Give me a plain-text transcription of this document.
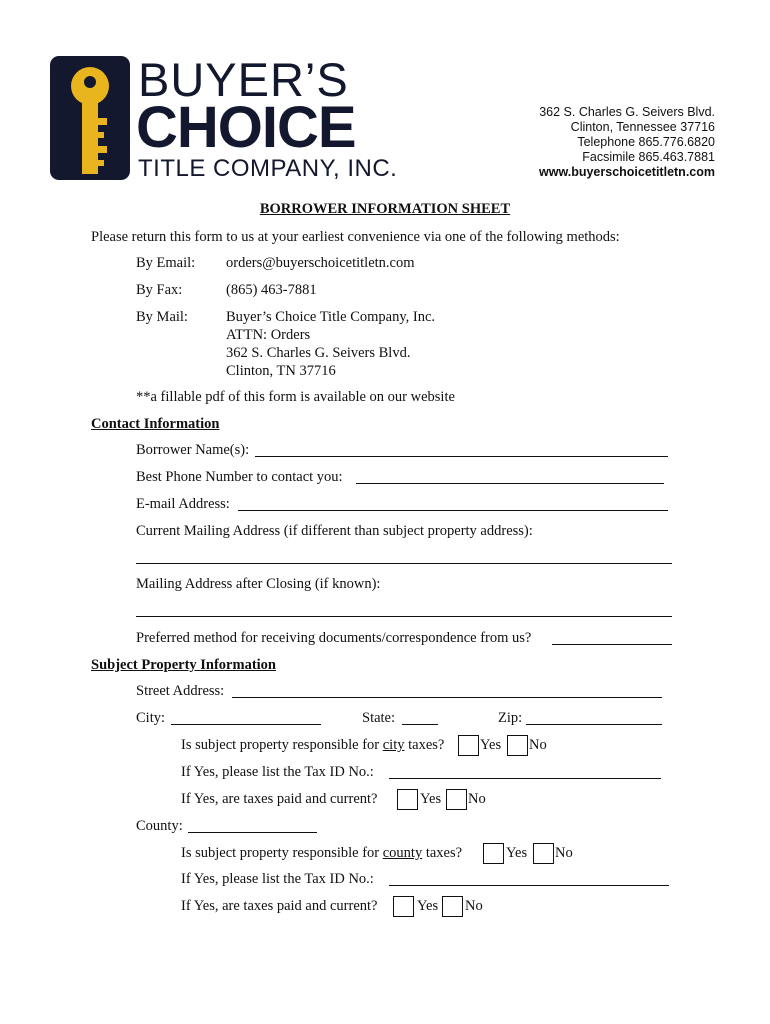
BUYER’S
CHOICE
TITLE COMPANY, INC.
362 S. Charles G. Seivers Blvd.
Clinton, Tennessee 37716
Telephone 865.776.6820
Facsimile 865.463.7881
www.buyerschoicetitletn.com
BORROWER INFORMATION SHEET
Please return this form to us at your earliest convenience via one of the following methods:
By Email: orders@buyerschoicetitletn.com
By Fax:	(865) 463-7881
By Mail:	Buyer’s Choice Title Company, Inc.
ATTN: Orders
362 S. Charles G. Seivers Blvd.
Clinton, TN 37716
**a fillable pdf of this form is available on our website
Contact Information
Borrower Name(s):
Best Phone Number to contact you:
E-mail Address:
Current Mailing Address (if different than subject property address):
Mailing Address after Closing (if known):
Preferred method for receiving documents/correspondence from us?
Subject Property Information
Street Address:
City:	State:	Zip:
Is subject property responsible for city taxes? Yes No
If Yes, please list the Tax ID No.:
If Yes, are taxes paid and current?	Yes No
County:
Is subject property responsible for county taxes?	Yes No
If Yes, please list the Tax ID No.:
If Yes, are taxes paid and current?	Yes No
